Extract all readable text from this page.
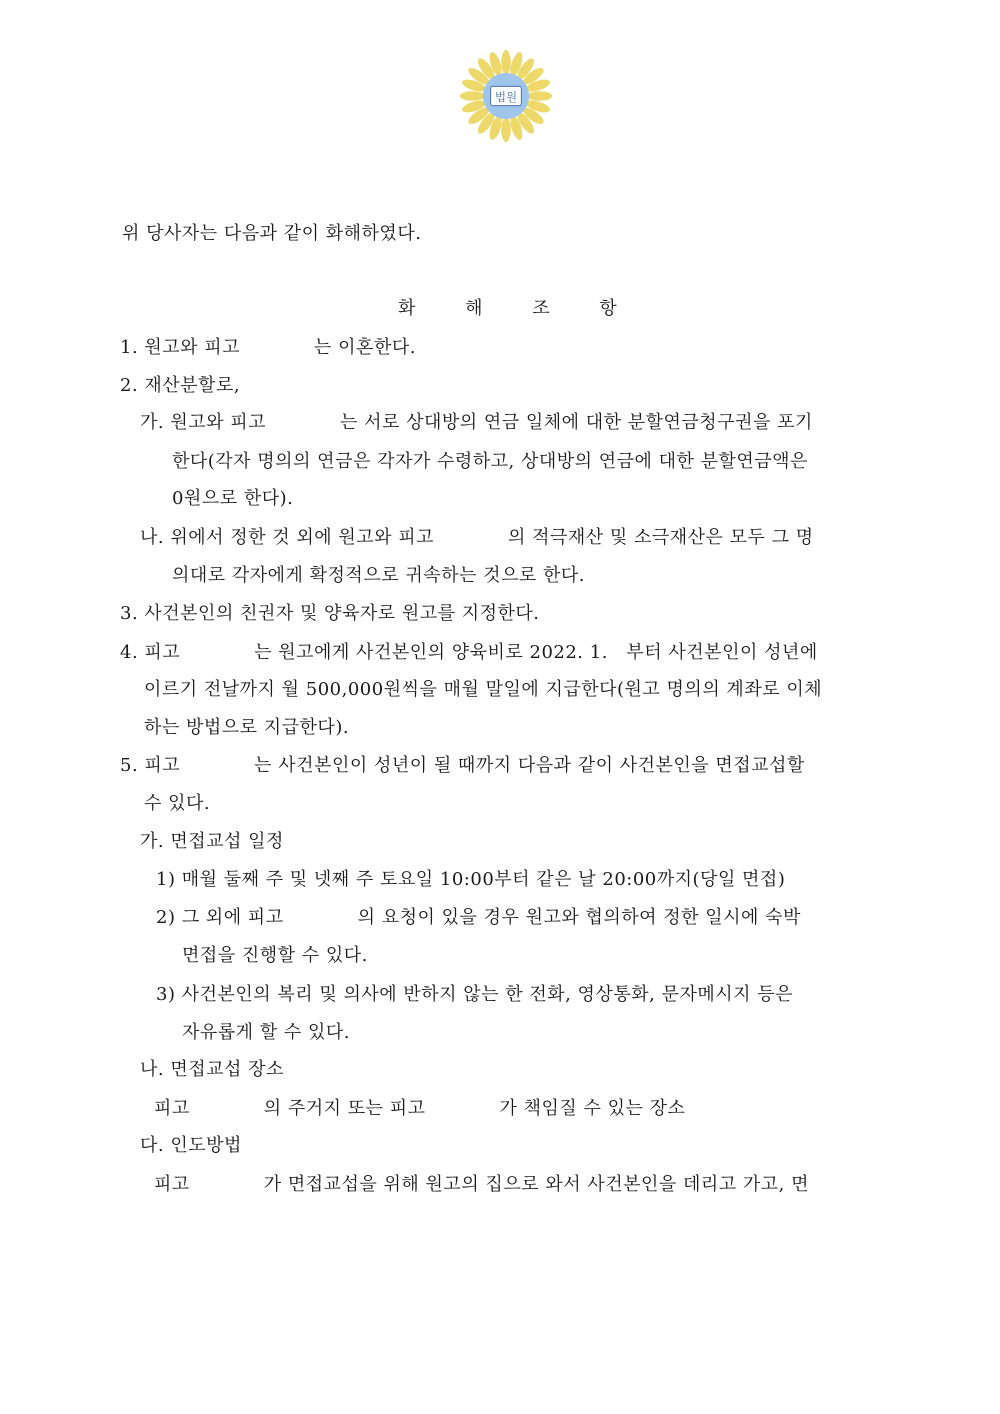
법원
위 당사자는 다음과 같이 화해하였다.
화 해 조 항
1. 원고와 피고　　　　는 이혼한다.
2. 재산분할로,
가. 원고와 피고　　　　는 서로 상대방의 연금 일체에 대한 분할연금청구권을 포기
한다(각자 명의의 연금은 각자가 수령하고, 상대방의 연금에 대한 분할연금액은
0원으로 한다).
나. 위에서 정한 것 외에 원고와 피고　　　　의 적극재산 및 소극재산은 모두 그 명
의대로 각자에게 확정적으로 귀속하는 것으로 한다.
3. 사건본인의 친권자 및 양육자로 원고를 지정한다.
4. 피고　　　　는 원고에게 사건본인의 양육비로 2022. 1.　부터 사건본인이 성년에
이르기 전날까지 월 500,000원씩을 매월 말일에 지급한다(원고 명의의 계좌로 이체
하는 방법으로 지급한다).
5. 피고　　　　는 사건본인이 성년이 될 때까지 다음과 같이 사건본인을 면접교섭할
수 있다.
가. 면접교섭 일정
1) 매월 둘째 주 및 넷째 주 토요일 10:00부터 같은 날 20:00까지(당일 면접)
2) 그 외에 피고　　　　의 요청이 있을 경우 원고와 협의하여 정한 일시에 숙박
면접을 진행할 수 있다.
3) 사건본인의 복리 및 의사에 반하지 않는 한 전화, 영상통화, 문자메시지 등은
자유롭게 할 수 있다.
나. 면접교섭 장소
피고　　　　의 주거지 또는 피고　　　　가 책임질 수 있는 장소
다. 인도방법
피고　　　　가 면접교섭을 위해 원고의 집으로 와서 사건본인을 데리고 가고, 면
